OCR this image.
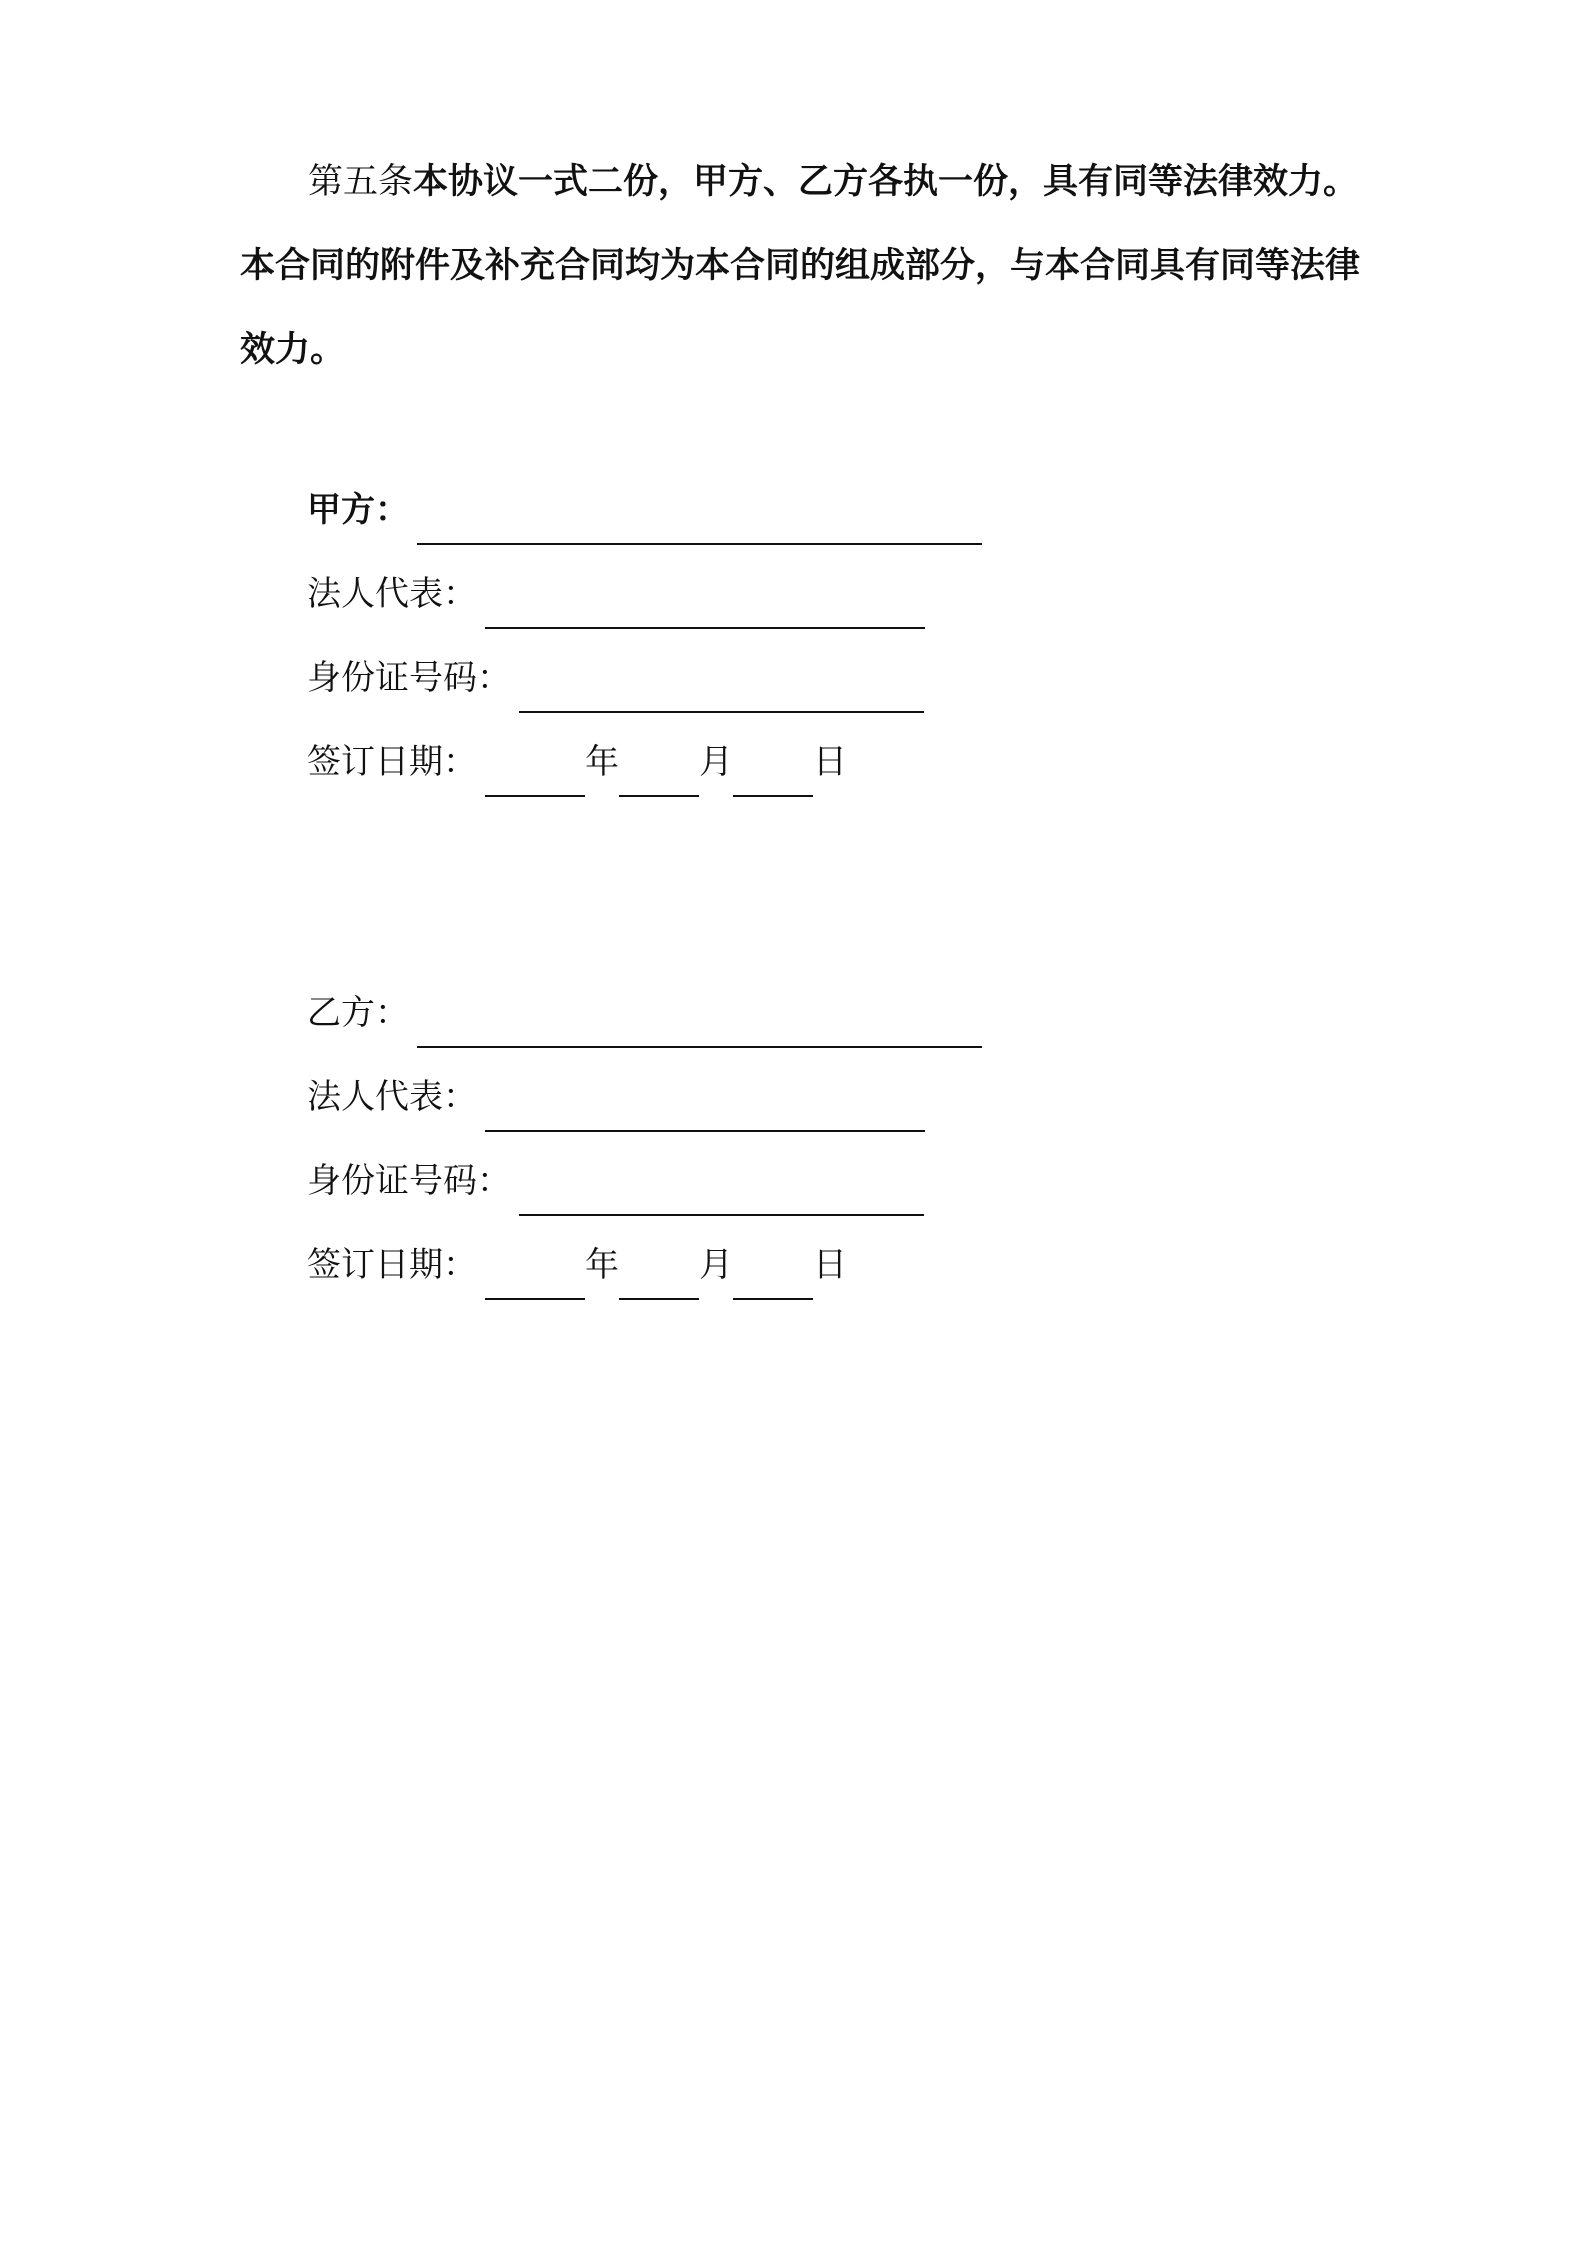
第五条本协议一式二份，甲方、乙方各执一份，具有同等法律效力。本合同的附件及补充合同均为本合同的组成部分，与本合同具有同等法律效力。

甲方：
法人代表：
身份证号码：
签订日期：	年 月 日
乙方：
法人代表：
身份证号码：
签订日期：	年 月 日
